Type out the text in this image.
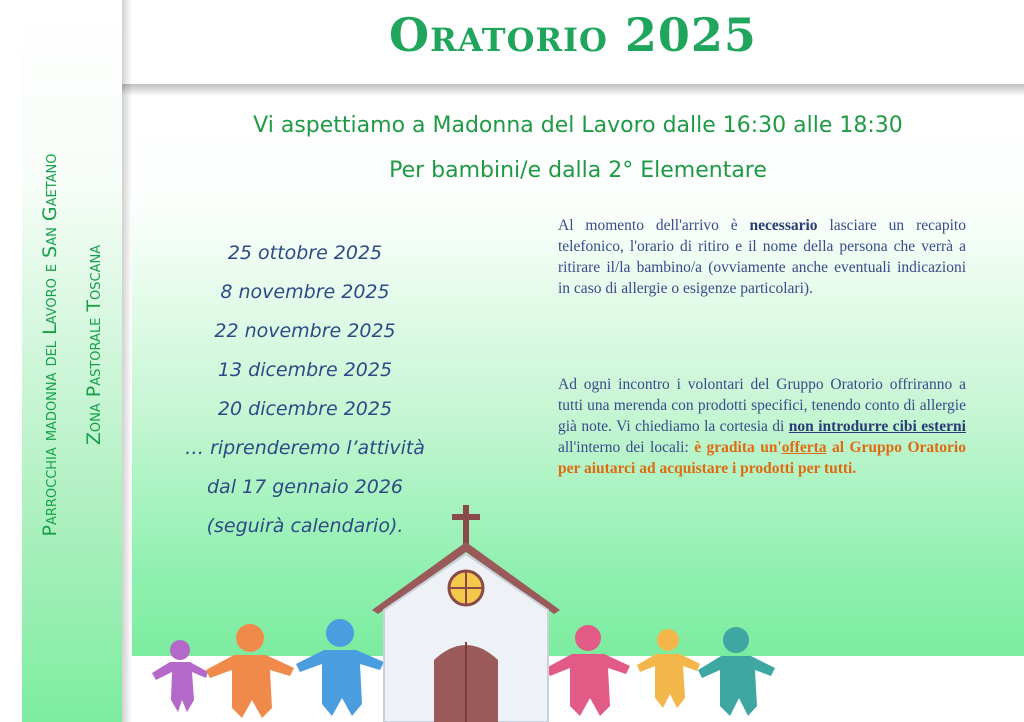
Parrocchia madonna del Lavoro e San Gaetano	Zona Pastorale Toscana
Oratorio 2025
Vi aspettiamo a Madonna del Lavoro dalle 16:30 alle 18:30
Per bambini/e dalla 2° Elementare
25 ottobre 2025
8 novembre 2025
22 novembre 2025
13 dicembre 2025
20 dicembre 2025
… riprenderemo l’attività
dal 17 gennaio 2026
(seguirà calendario).
Al momento dell'arrivo è necessario lasciare un recapito telefonico, l'orario di ritiro e il nome della persona che verrà a ritirare il/la bambino/a (ovviamente anche eventuali indicazioni in caso di allergie o esigenze particolari).
Ad ogni incontro i volontari del Gruppo Oratorio offriranno a tutti una merenda con prodotti specifici, tenendo conto di allergie già note. Vi chiediamo la cortesia di non introdurre cibi esterni all'interno dei locali: è gradita un'offerta al Gruppo Oratorio per aiutarci ad acquistare i prodotti per tutti.
